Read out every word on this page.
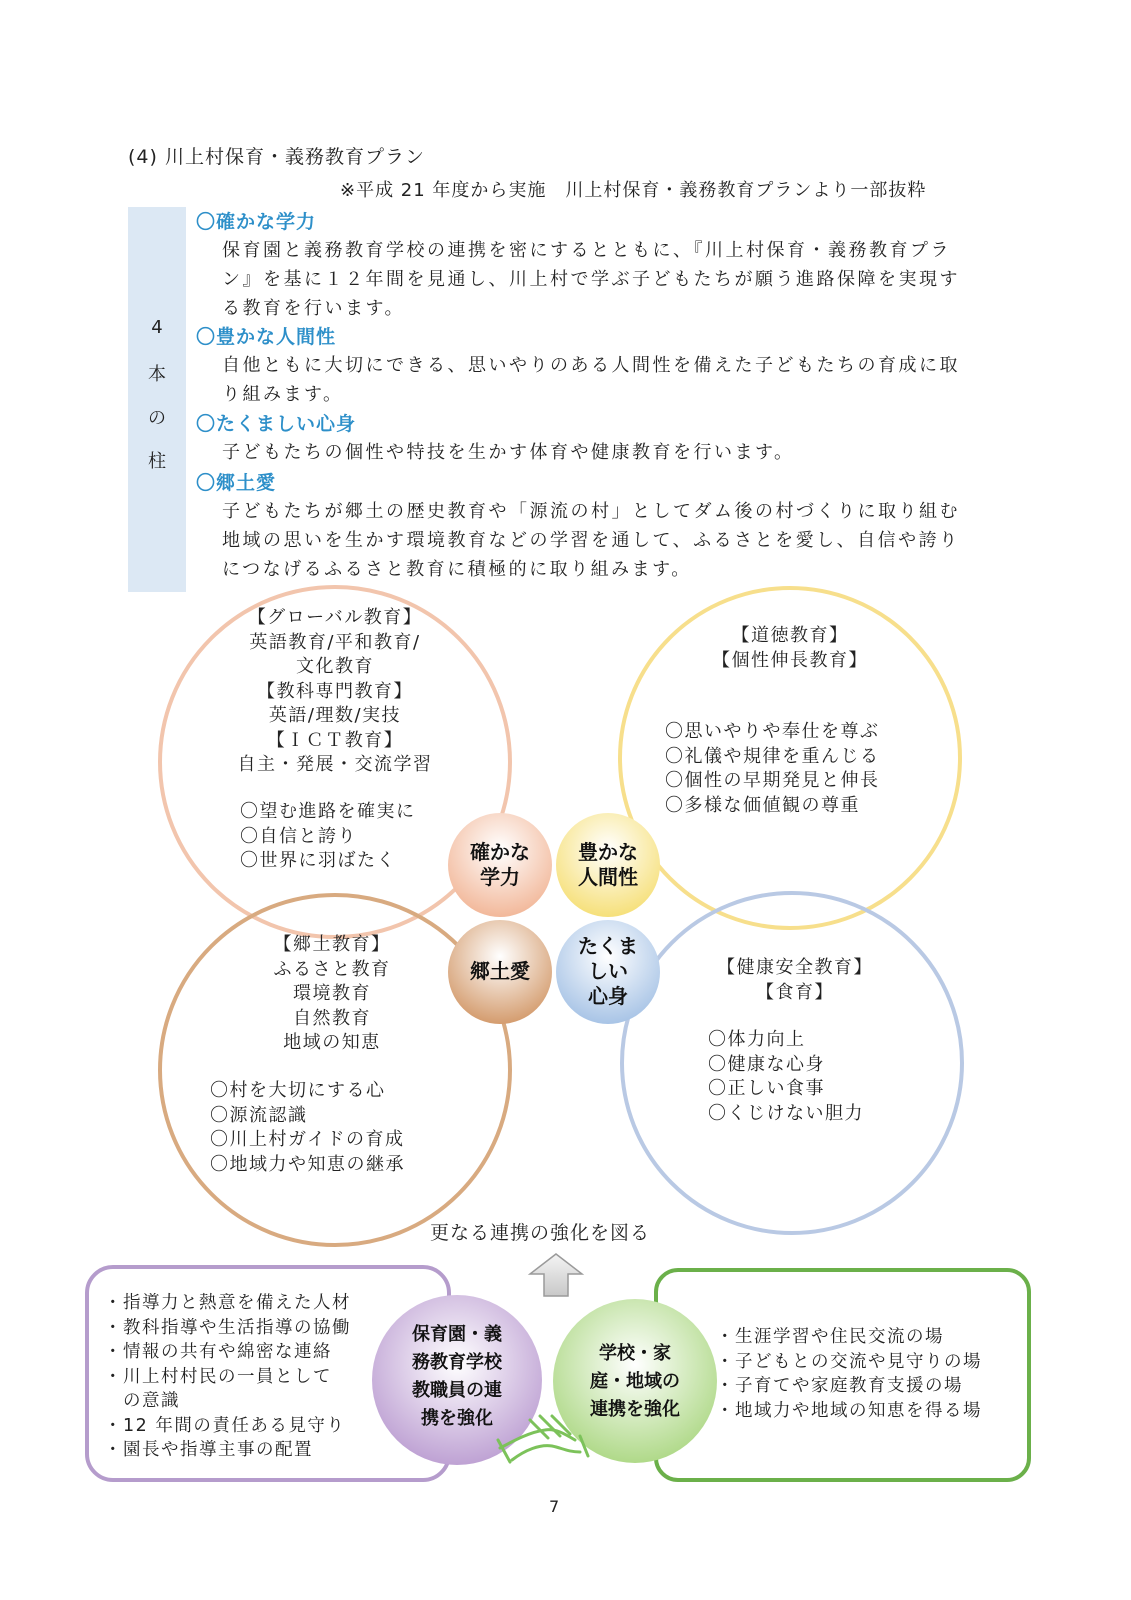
(4) 川上村保育・義務教育プラン
※平成 21 年度から実施　川上村保育・義務教育プランより一部抜粋
4
本
の
柱
〇確かな学力
保育園と義務教育学校の連携を密にするとともに、『川上村保育・義務教育プラ
ン』を基に１２年間を見通し、川上村で学ぶ子どもたちが願う進路保障を実現す
る教育を行います。
〇豊かな人間性
自他ともに大切にできる、思いやりのある人間性を備えた子どもたちの育成に取
り組みます。
〇たくましい心身
子どもたちの個性や特技を生かす体育や健康教育を行います。
〇郷土愛
子どもたちが郷土の歴史教育や「源流の村」としてダム後の村づくりに取り組む
地域の思いを生かす環境教育などの学習を通して、ふるさとを愛し、自信や誇り
につなげるふるさと教育に積極的に取り組みます。
【グローバル教育】
英語教育/平和教育/
文化教育
【教科専門教育】
英語/理数/実技
【ＩＣＴ教育】
自主・発展・交流学習
〇望む進路を確実に
〇自信と誇り
〇世界に羽ばたく
【道徳教育】
【個性伸長教育】
〇思いやりや奉仕を尊ぶ
〇礼儀や規律を重んじる
〇個性の早期発見と伸長
〇多様な価値観の尊重
【郷土教育】
ふるさと教育
環境教育
自然教育
地域の知恵
〇村を大切にする心
〇源流認識
〇川上村ガイドの育成
〇地域力や知恵の継承
【健康安全教育】
【食育】
〇体力向上
〇健康な心身
〇正しい食事
〇くじけない胆力
確かな
学力
豊かな
人間性
郷土愛
たくま
しい
心身
更なる連携の強化を図る
・指導力と熱意を備えた人材
・教科指導や生活指導の協働
・情報の共有や綿密な連絡
・川上村村民の一員として
　の意識
・12 年間の責任ある見守り
・園長や指導主事の配置
保育園・義
務教育学校
教職員の連
携を強化
学校・家
庭・地域の
連携を強化
・生涯学習や住民交流の場
・子どもとの交流や見守りの場
・子育てや家庭教育支援の場
・地域力や地域の知恵を得る場
7
